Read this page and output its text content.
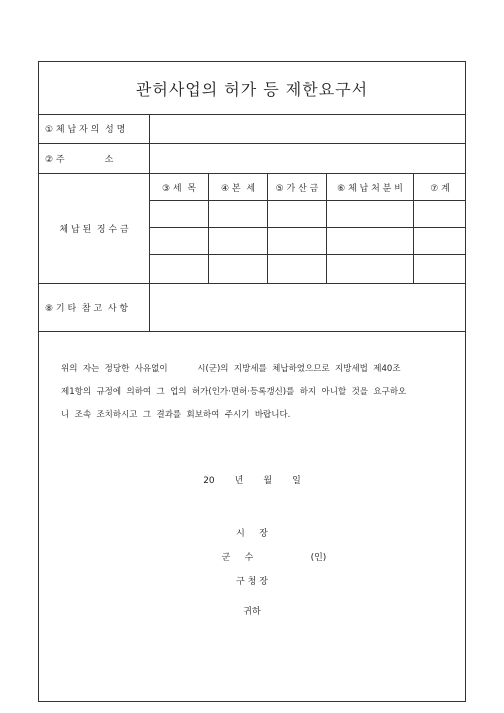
관허사업의 허가 등 제한요구서
① 체 납 자 의  성 명
② 주              소
체 납 된  징 수 금
③ 세  목	④ 본  세	⑤ 가 산 금	⑥ 체 납 처 분 비	⑦ 계
⑧ 기 타  참 고  사 항
위의  자는  정당한  사유없이           시(군)의  지방세를  체납하였으므로  지방세법  제40조
제1항의  규정에  의하여  그  업의  허가(인가·면허·등록갱신)를  하지  아니할  것을  요구하오
니  조속  조치하시고  그  결과를  회보하여  주시기  바랍니다.
20       년       월       일
시     장
군     수                    (인)
구 청 장
귀하
